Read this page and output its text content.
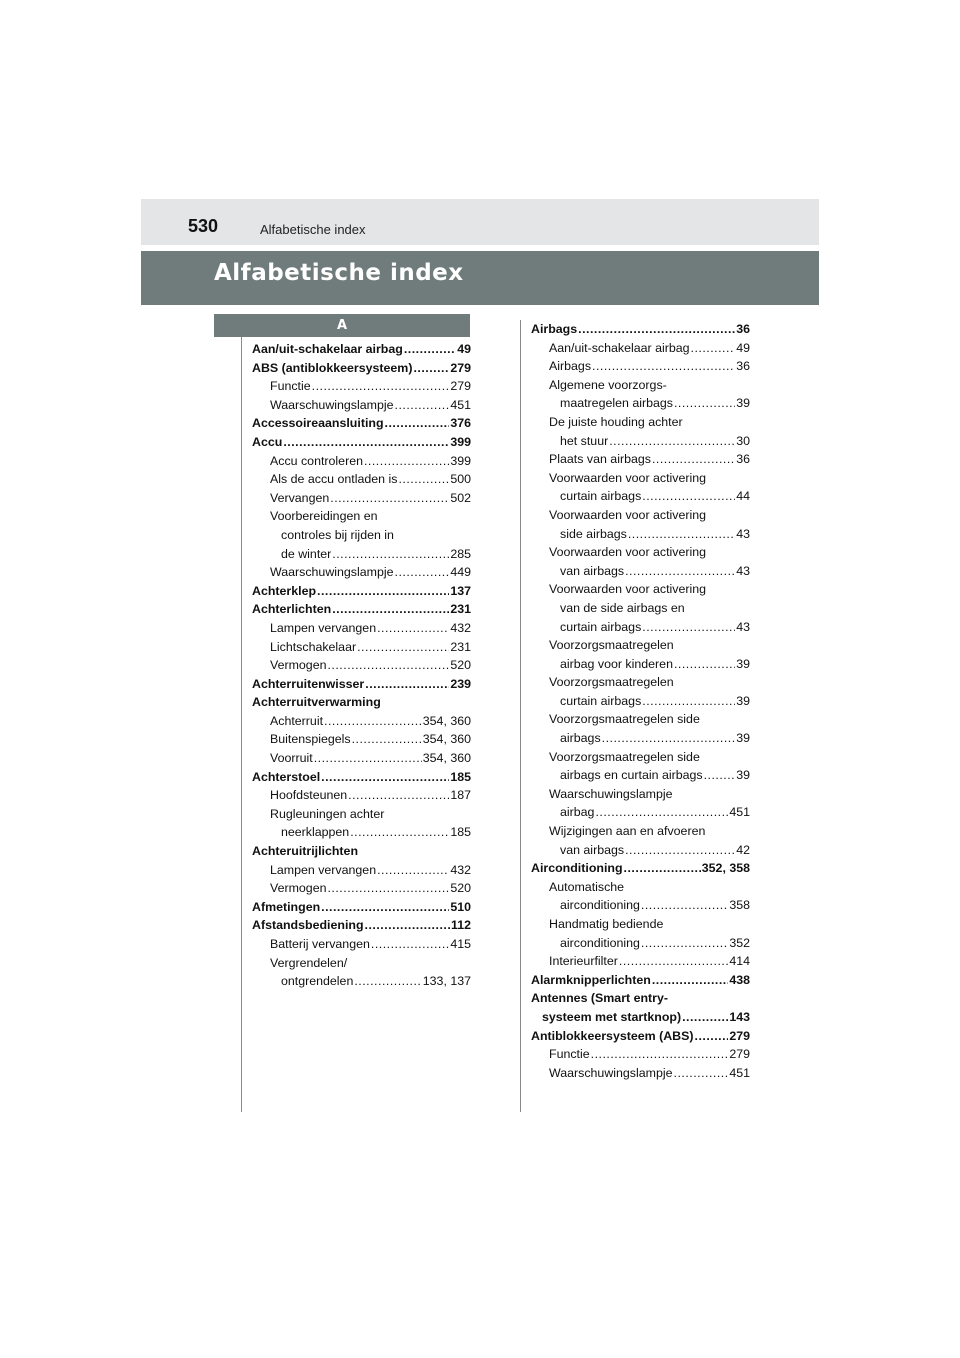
530	Alfabetische index
Alfabetische index
A
Aan/uit-schakelaar airbag .....	49
ABS (antiblokkeersysteem) .....	279
Functie .....	279
Waarschuwingslampje .....	451
Accessoireaansluiting .....	376
Accu .....	399
Accu controleren .....	399
Als de accu ontladen is .....	500
Vervangen .....	502
Voorbereidingen en
controles bij rijden in
de winter .....	285
Waarschuwingslampje .....	449
Achterklep .....	137
Achterlichten .....	231
Lampen vervangen .....	432
Lichtschakelaar .....	231
Vermogen .....	520
Achterruitenwisser .....	239
Achterruitverwarming
Achterruit .....	354, 360
Buitenspiegels .....	354, 360
Voorruit .....	354, 360
Achterstoel .....	185
Hoofdsteunen .....	187
Rugleuningen achter
neerklappen .....	185
Achteruitrijlichten
Lampen vervangen .....	432
Vermogen .....	520
Afmetingen .....	510
Afstandsbediening .....	112
Batterij vervangen .....	415
Vergrendelen/
ontgrendelen .....	133, 137
Airbags .....	36
Aan/uit-schakelaar airbag .....	49
Airbags .....	36
Algemene voorzorgs-
maatregelen airbags .....	39
De juiste houding achter
het stuur .....	30
Plaats van airbags .....	36
Voorwaarden voor activering
curtain airbags .....	44
Voorwaarden voor activering
side airbags .....	43
Voorwaarden voor activering
van airbags .....	43
Voorwaarden voor activering
van de side airbags en
curtain airbags .....	43
Voorzorgsmaatregelen
airbag voor kinderen .....	39
Voorzorgsmaatregelen
curtain airbags .....	39
Voorzorgsmaatregelen side
airbags .....	39
Voorzorgsmaatregelen side
airbags en curtain airbags .....	39
Waarschuwingslampje
airbag .....	451
Wijzigingen aan en afvoeren
van airbags .....	42
Airconditioning .....	352, 358
Automatische
airconditioning .....	358
Handmatig bediende
airconditioning .....	352
Interieurfilter .....	414
Alarmknipperlichten .....	438
Antennes (Smart entry-
systeem met startknop) .....	143
Antiblokkeersysteem (ABS) .....	279
Functie .....	279
Waarschuwingslampje .....	451
